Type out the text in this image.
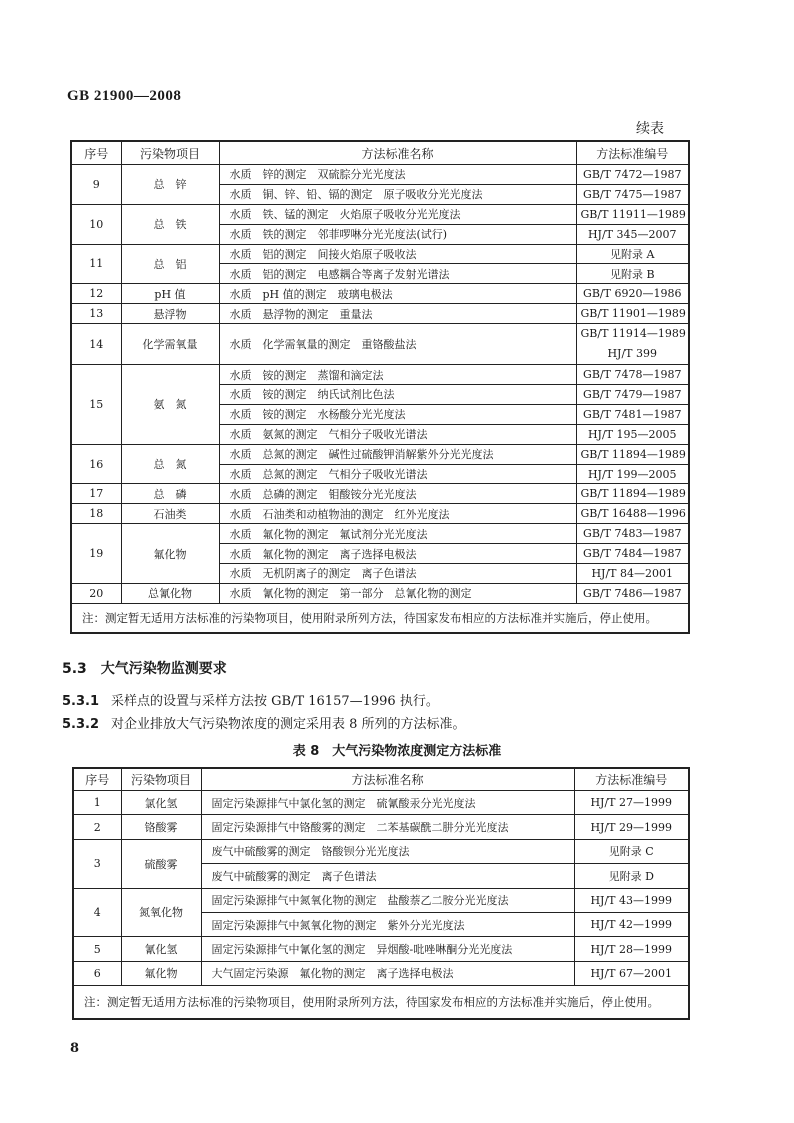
GB 21900—2008
续表
序号	污染物项目	方法标准名称	方法标准编号
9	总　锌	水质　锌的测定　双硫腙分光光度法	GB/T 7472—1987

		水质　铜、锌、铅、镉的测定　原子吸收分光光度法	GB/T 7475—1987

10	总　铁	水质　铁、锰的测定　火焰原子吸收分光光度法	GB/T 11911—1989

		水质　铁的测定　邻菲啰啉分光光度法(试行)	HJ/T 345—2007

11	总　铝	水质　铝的测定　间接火焰原子吸收法	见附录 A

		水质　铝的测定　电感耦合等离子发射光谱法	见附录 B

12	pH 值	水质　pH 值的测定　玻璃电极法	GB/T 6920—1986

13	悬浮物	水质　悬浮物的测定　重量法	GB/T 11901—1989

14	化学需氧量	水质　化学需氧量的测定　重铬酸盐法	GB/T 11914—1989
HJ/T 399

15	氨　氮	水质　铵的测定　蒸馏和滴定法	GB/T 7478—1987

		水质　铵的测定　纳氏试剂比色法	GB/T 7479—1987

		水质　铵的测定　水杨酸分光光度法	GB/T 7481—1987

		水质　氨氮的测定　气相分子吸收光谱法	HJ/T 195—2005

16	总　氮	水质　总氮的测定　碱性过硫酸钾消解紫外分光光度法	GB/T 11894—1989

		水质　总氮的测定　气相分子吸收光谱法	HJ/T 199—2005

17	总　磷	水质　总磷的测定　钼酸铵分光光度法	GB/T 11894—1989

18	石油类	水质　石油类和动植物油的测定　红外光度法	GB/T 16488—1996

19	氟化物	水质　氟化物的测定　氟试剂分光光度法	GB/T 7483—1987

		水质　氟化物的测定　离子选择电极法	GB/T 7484—1987

		水质　无机阴离子的测定　离子色谱法	HJ/T 84—2001

20	总氰化物	水质　氰化物的测定　第一部分　总氰化物的测定	GB/T 7486—1987

注：测定暂无适用方法标准的污染物项目，使用附录所列方法，待国家发布相应的方法标准并实施后，停止使用。			
5.3　大气污染物监测要求
5.3.1 采样点的设置与采样方法按 GB/T 16157—1996 执行。
5.3.2 对企业排放大气污染物浓度的测定采用表 8 所列的方法标准。
表 8　大气污染物浓度测定方法标准
序号	污染物项目	方法标准名称	方法标准编号
1	氯化氢	固定污染源排气中氯化氢的测定　硫氰酸汞分光光度法	HJ/T 27—1999

2	铬酸雾	固定污染源排气中铬酸雾的测定　二苯基碳酰二肼分光光度法	HJ/T 29—1999

3	硫酸雾	废气中硫酸雾的测定　铬酸钡分光光度法	见附录 C

		废气中硫酸雾的测定　离子色谱法	见附录 D

4	氮氧化物	固定污染源排气中氮氧化物的测定　盐酸萘乙二胺分光光度法	HJ/T 43—1999

		固定污染源排气中氮氧化物的测定　紫外分光光度法	HJ/T 42—1999

5	氰化氢	固定污染源排气中氰化氢的测定　异烟酸-吡唑啉酮分光光度法	HJ/T 28—1999

6	氟化物	大气固定污染源　氟化物的测定　离子选择电极法	HJ/T 67—2001

注：测定暂无适用方法标准的污染物项目，使用附录所列方法，待国家发布相应的方法标准并实施后，停止使用。			
8
